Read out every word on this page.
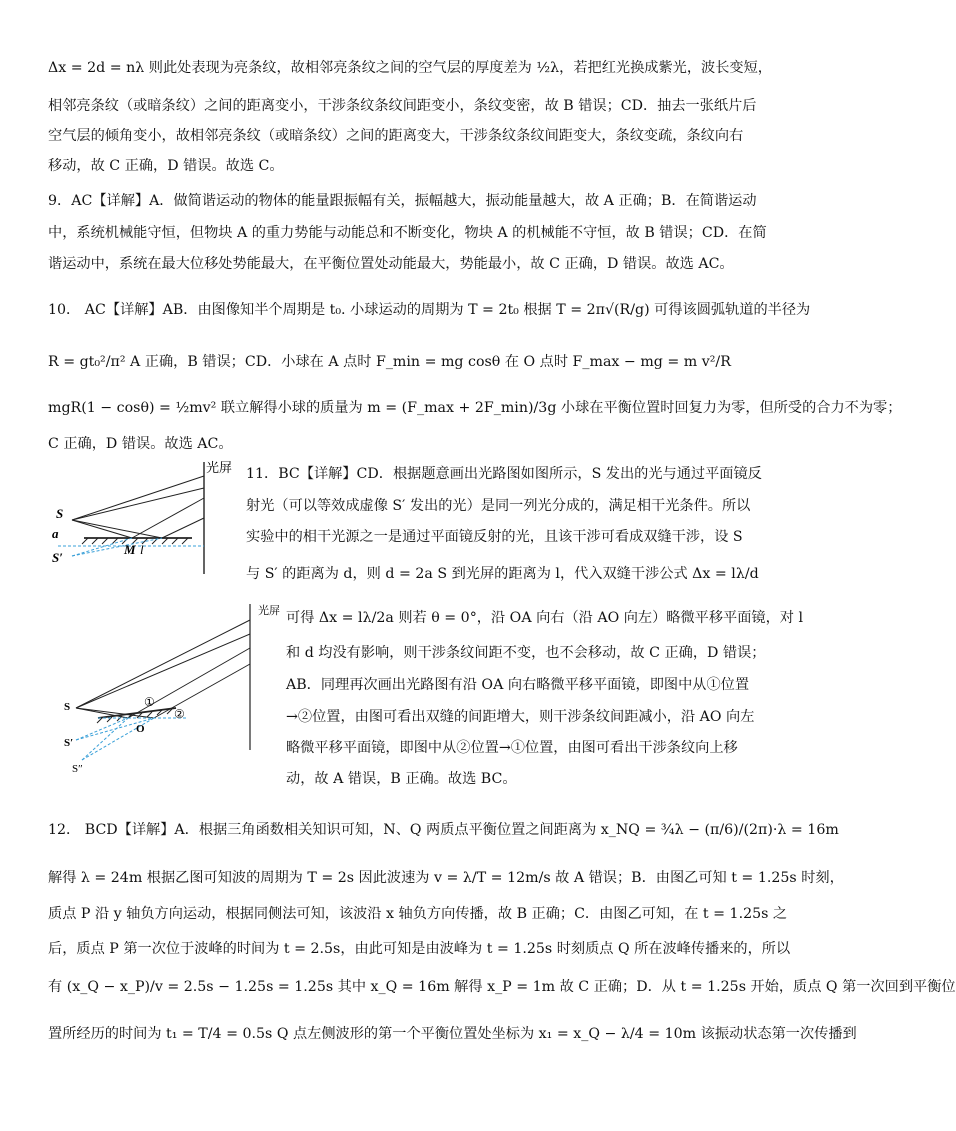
Δx = 2d = nλ 则此处表现为亮条纹，故相邻亮条纹之间的空气层的厚度差为 ½λ，若把红光换成紫光，波长变短，
相邻亮条纹（或暗条纹）之间的距离变小，干涉条纹条纹间距变小，条纹变密，故 B 错误；CD．抽去一张纸片后
空气层的倾角变小，故相邻亮条纹（或暗条纹）之间的距离变大，干涉条纹条纹间距变大，条纹变疏，条纹向右
移动，故 C 正确，D 错误。故选 C。
9．AC【详解】A．做简谐运动的物体的能量跟振幅有关，振幅越大，振动能量越大，故 A 正确；B．在简谐运动
中，系统机械能守恒，但物块 A 的重力势能与动能总和不断变化，物块 A 的机械能不守恒，故 B 错误；CD．在简
谐运动中，系统在最大位移处势能最大，在平衡位置处动能最大，势能最小，故 C 正确，D 错误。故选 AC。
10． AC【详解】AB．由图像知半个周期是 t₀. 小球运动的周期为 T = 2t₀ 根据 T = 2π√(R/g) 可得该圆弧轨道的半径为
R = gt₀²/π² A 正确，B 错误；CD．小球在 A 点时 F_min = mg cosθ 在 O 点时 F_max − mg = m v²/R
mgR(1 − cosθ) = ½mv² 联立解得小球的质量为 m = (F_max + 2F_min)/3g 小球在平衡位置时回复力为零，但所受的合力不为零；
C 正确，D 错误。故选 AC。
11．BC【详解】CD．根据题意画出光路图如图所示，S 发出的光与通过平面镜反
射光（可以等效成虚像 S′ 发出的光）是同一列光分成的，满足相干光条件。所以
实验中的相干光源之一是通过平面镜反射的光，且该干涉可看成双缝干涉，设 S
与 S′ 的距离为 d，则 d = 2a S 到光屏的距离为 l，代入双缝干涉公式 Δx = lλ/d
可得 Δx = lλ/2a 则若 θ = 0°，沿 OA 向右（沿 AO 向左）略微平移平面镜，对 l
和 d 均没有影响，则干涉条纹间距不变，也不会移动，故 C 正确，D 错误；
AB．同理再次画出光路图有沿 OA 向右略微平移平面镜，即图中从①位置
→②位置，由图可看出双缝的间距增大，则干涉条纹间距减小，沿 AO 向左
略微平移平面镜，即图中从②位置→①位置，由图可看出干涉条纹向上移
动，故 A 错误，B 正确。故选 BC。
12． BCD【详解】A．根据三角函数相关知识可知，N、Q 两质点平衡位置之间距离为 x_NQ = ¾λ − (π/6)/(2π)·λ = 16m
解得 λ = 24m 根据乙图可知波的周期为 T = 2s 因此波速为 v = λ/T = 12m/s 故 A 错误；B．由图乙可知 t = 1.25s 时刻，
质点 P 沿 y 轴负方向运动，根据同侧法可知，该波沿 x 轴负方向传播，故 B 正确；C．由图乙可知，在 t = 1.25s 之
后，质点 P 第一次位于波峰的时间为 t = 2.5s，由此可知是由波峰为 t = 1.25s 时刻质点 Q 所在波峰传播来的，所以
有 (x_Q − x_P)/v = 2.5s − 1.25s = 1.25s 其中 x_Q = 16m 解得 x_P = 1m 故 C 正确；D．从 t = 1.25s 开始，质点 Q 第一次回到平衡位
置所经历的时间为 t₁ = T/4 = 0.5s Q 点左侧波形的第一个平衡位置处坐标为 x₁ = x_Q − λ/4 = 10m 该振动状态第一次传播到
光屏
S
a
S′
M l
光屏
S
S′
S″
O
①
②
